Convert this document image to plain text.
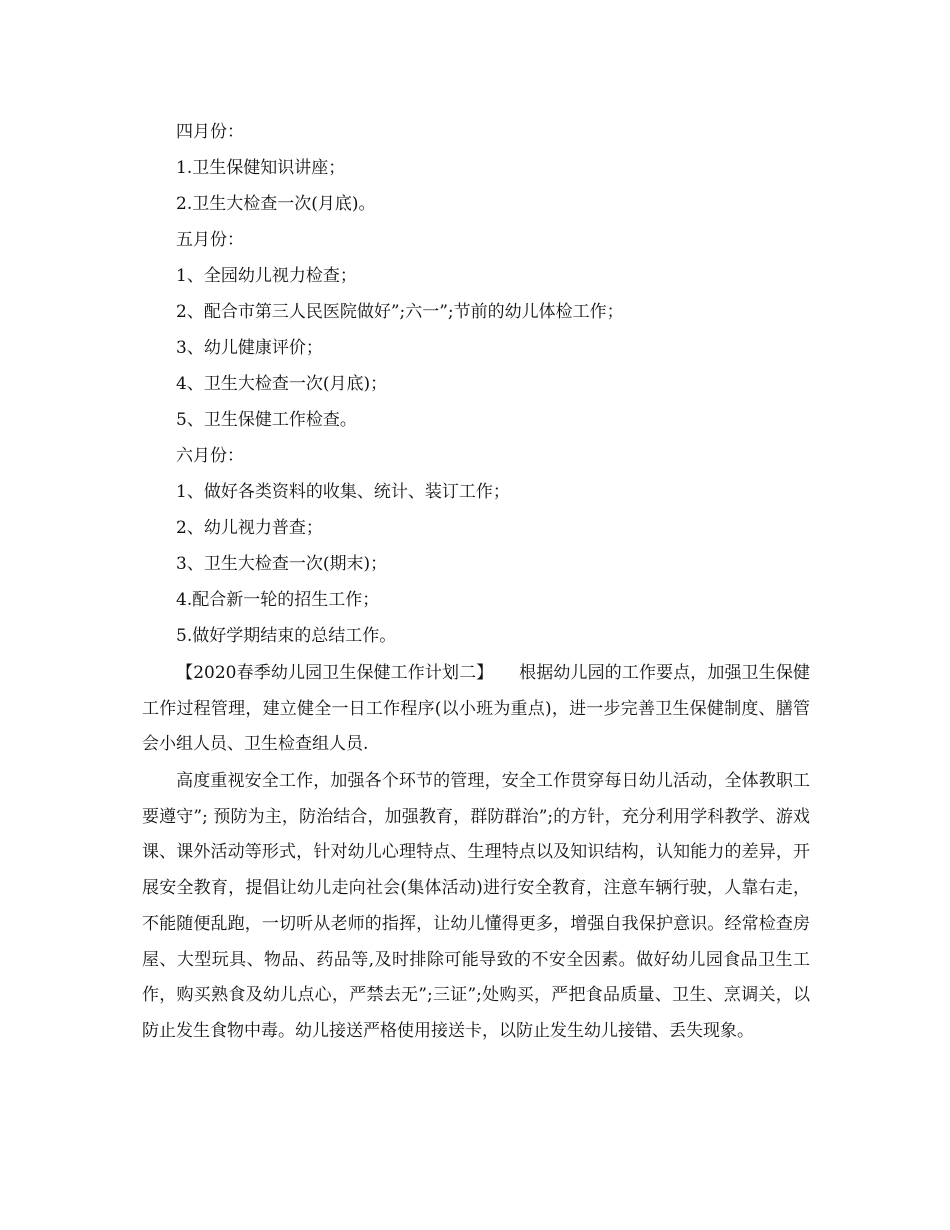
四月份：
1.卫生保健知识讲座；
2.卫生大检查一次(月底)。
五月份：
1、全园幼儿视力检查；
2、配合市第三人民医院做好”;六一”;节前的幼儿体检工作；
3、幼儿健康评价；
4、卫生大检查一次(月底)；
5、卫生保健工作检查。
六月份：
1、做好各类资料的收集、统计、装订工作；
2、幼儿视力普查；
3、卫生大检查一次(期末)；
4.配合新一轮的招生工作；
5.做好学期结束的总结工作。
【2020春季幼儿园卫生保健工作计划二】　　根据幼儿园的工作要点，加强卫生保健工作过程管理，建立健全一日工作程序(以小班为重点)，进一步完善卫生保健制度、膳管会小组人员、卫生检查组人员.
高度重视安全工作，加强各个环节的管理，安全工作贯穿每日幼儿活动，全体教职工要遵守”; 预防为主，防治结合，加强教育，群防群治”;的方针，充分利用学科教学、游戏课、课外活动等形式，针对幼儿心理特点、生理特点以及知识结构，认知能力的差异，开展安全教育，提倡让幼儿走向社会(集体活动)进行安全教育，注意车辆行驶，人靠右走，不能随便乱跑，一切听从老师的指挥，让幼儿懂得更多，增强自我保护意识。经常检查房屋、大型玩具、物品、药品等,及时排除可能导致的不安全因素。做好幼儿园食品卫生工作，购买熟食及幼儿点心，严禁去无”;三证”;处购买，严把食品质量、卫生、烹调关，以防止发生食物中毒。幼儿接送严格使用接送卡，以防止发生幼儿接错、丢失现象。
